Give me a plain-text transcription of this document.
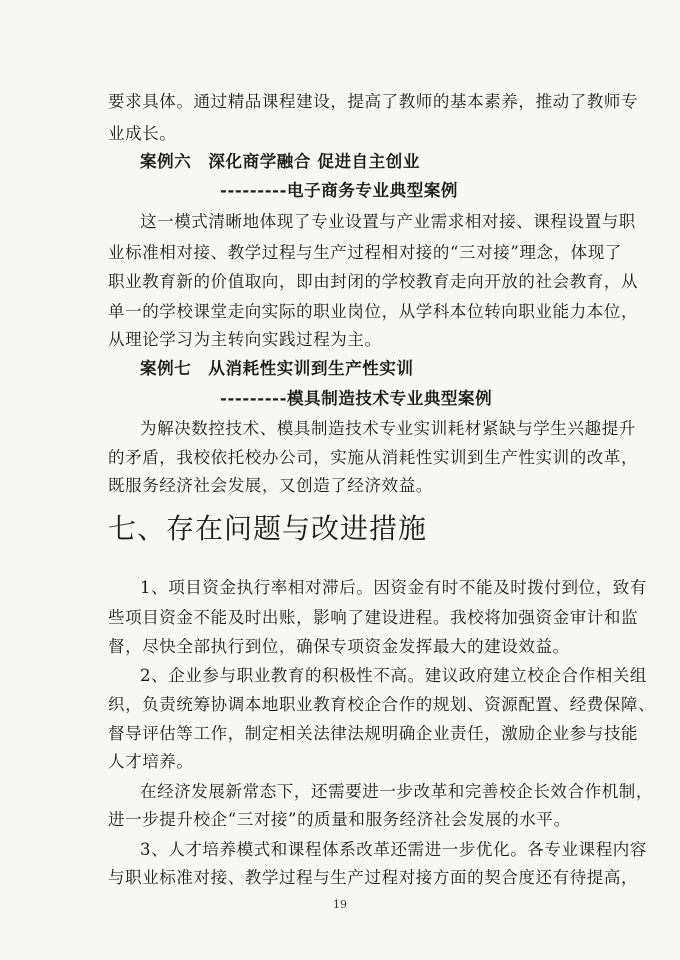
要求具体。通过精品课程建设，提高了教师的基本素养，推动了教师专
业成长。
案例六　深化商学融合 促进自主创业
---------电子商务专业典型案例
这一模式清晰地体现了专业设置与产业需求相对接、课程设置与职
业标准相对接、教学过程与生产过程相对接的“三对接”理念，体现了
职业教育新的价值取向，即由封闭的学校教育走向开放的社会教育，从
单一的学校课堂走向实际的职业岗位，从学科本位转向职业能力本位，
从理论学习为主转向实践过程为主。
案例七　从消耗性实训到生产性实训
---------模具制造技术专业典型案例
为解决数控技术、模具制造技术专业实训耗材紧缺与学生兴趣提升
的矛盾，我校依托校办公司，实施从消耗性实训到生产性实训的改革，
既服务经济社会发展，又创造了经济效益。
七、存在问题与改进措施
1、项目资金执行率相对滞后。因资金有时不能及时拨付到位，致有
些项目资金不能及时出账，影响了建设进程。我校将加强资金审计和监
督，尽快全部执行到位，确保专项资金发挥最大的建设效益。
2、企业参与职业教育的积极性不高。建议政府建立校企合作相关组
织，负责统筹协调本地职业教育校企合作的规划、资源配置、经费保障、
督导评估等工作，制定相关法律法规明确企业责任，激励企业参与技能
人才培养。
在经济发展新常态下，还需要进一步改革和完善校企长效合作机制，
进一步提升校企“三对接”的质量和服务经济社会发展的水平。
3、人才培养模式和课程体系改革还需进一步优化。各专业课程内容
与职业标准对接、教学过程与生产过程对接方面的契合度还有待提高，
19
